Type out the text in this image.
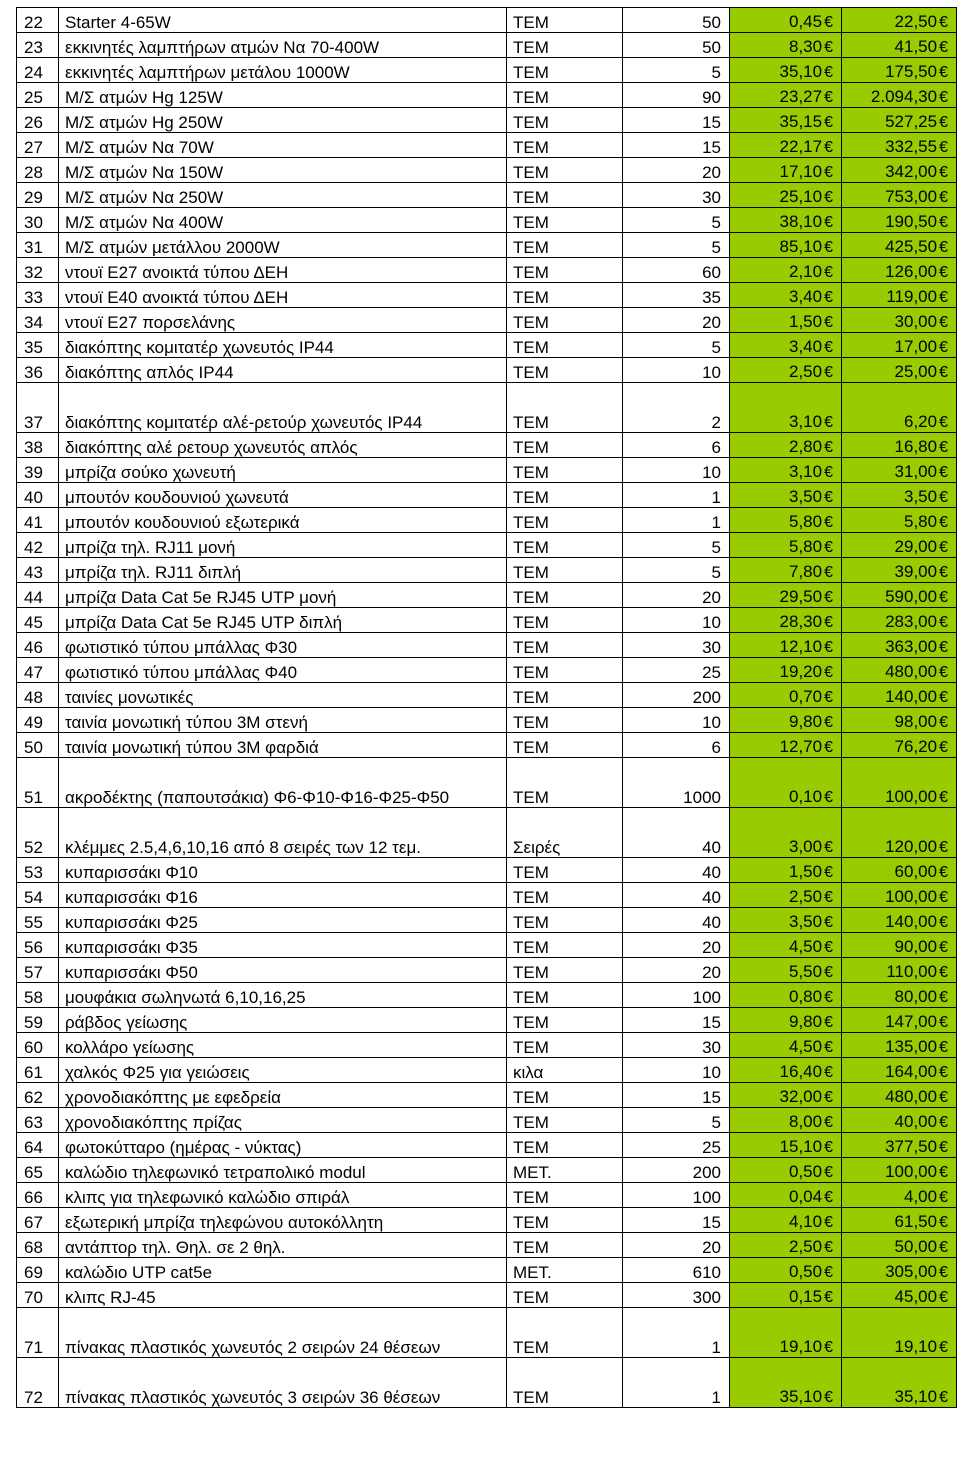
22	Starter 4-65W	ΤΕΜ	50	0,45 €	22,50 €
23	εκκινητές λαμπτήρων ατμών Να 70-400W	ΤΕΜ	50	8,30 €	41,50 €
24	εκκινητές λαμπτήρων μετάλου 1000W	ΤΕΜ	5	35,10 €	175,50 €
25	Μ/Σ ατμών Hg 125W	ΤΕΜ	90	23,27 €	2.094,30 €
26	Μ/Σ ατμών Hg 250W	ΤΕΜ	15	35,15 €	527,25 €
27	Μ/Σ ατμών Να 70W	ΤΕΜ	15	22,17 €	332,55 €
28	Μ/Σ ατμών Να 150W	ΤΕΜ	20	17,10 €	342,00 €
29	Μ/Σ ατμών Να 250W	ΤΕΜ	30	25,10 €	753,00 €
30	Μ/Σ ατμών Να 400W	ΤΕΜ	5	38,10 €	190,50 €
31	Μ/Σ ατμών μετάλλου 2000W	ΤΕΜ	5	85,10 €	425,50 €
32	ντουϊ Ε27 ανοικτά τύπου ΔΕΗ	ΤΕΜ	60	2,10 €	126,00 €
33	ντουϊ Ε40 ανοικτά τύπου ΔΕΗ	ΤΕΜ	35	3,40 €	119,00 €
34	ντουϊ Ε27 πορσελάνης	ΤΕΜ	20	1,50 €	30,00 €
35	διακόπτης κομιτατέρ χωνευτός IP44	ΤΕΜ	5	3,40 €	17,00 €
36	διακόπτης απλός IP44	ΤΕΜ	10	2,50 €	25,00 €
37	διακόπτης κομιτατέρ αλέ-ρετούρ χωνευτός IP44	ΤΕΜ	2	3,10 €	6,20 €
38	διακόπτης αλέ ρετουρ χωνευτός απλός	ΤΕΜ	6	2,80 €	16,80 €
39	μπρίζα σούκο χωνευτή	ΤΕΜ	10	3,10 €	31,00 €
40	μπουτόν κουδουνιού χωνευτά	ΤΕΜ	1	3,50 €	3,50 €
41	μπουτόν κουδουνιού εξωτερικά	ΤΕΜ	1	5,80 €	5,80 €
42	μπρίζα τηλ. RJ11 μονή	ΤΕΜ	5	5,80 €	29,00 €
43	μπρίζα τηλ. RJ11 διπλή	ΤΕΜ	5	7,80 €	39,00 €
44	μπρίζα Data Cat 5e RJ45 UTP μονή	ΤΕΜ	20	29,50 €	590,00 €
45	μπρίζα Data Cat 5e RJ45 UTP διπλή	ΤΕΜ	10	28,30 €	283,00 €
46	φωτιστικό τύπου μπάλλας Φ30	ΤΕΜ	30	12,10 €	363,00 €
47	φωτιστικό τύπου μπάλλας Φ40	ΤΕΜ	25	19,20 €	480,00 €
48	ταινίες μονωτικές	ΤΕΜ	200	0,70 €	140,00 €
49	ταινία μονωτική τύπου 3Μ στενή	ΤΕΜ	10	9,80 €	98,00 €
50	ταινία μονωτική τύπου 3Μ φαρδιά	ΤΕΜ	6	12,70 €	76,20 €
51	ακροδέκτης (παπουτσάκια) Φ6-Φ10-Φ16-Φ25-Φ50	ΤΕΜ	1000	0,10 €	100,00 €
52	κλέμμες 2.5,4,6,10,16 από 8 σειρές των 12 τεμ.	Σειρές	40	3,00 €	120,00 €
53	κυπαρισσάκι Φ10	ΤΕΜ	40	1,50 €	60,00 €
54	κυπαρισσάκι Φ16	ΤΕΜ	40	2,50 €	100,00 €
55	κυπαρισσάκι Φ25	ΤΕΜ	40	3,50 €	140,00 €
56	κυπαρισσάκι Φ35	ΤΕΜ	20	4,50 €	90,00 €
57	κυπαρισσάκι Φ50	ΤΕΜ	20	5,50 €	110,00 €
58	μουφάκια σωληνωτά 6,10,16,25	ΤΕΜ	100	0,80 €	80,00 €
59	ράβδος γείωσης	ΤΕΜ	15	9,80 €	147,00 €
60	κολλάρο γείωσης	ΤΕΜ	30	4,50 €	135,00 €
61	χαλκός Φ25 για γειώσεις	κιλα	10	16,40 €	164,00 €
62	χρονοδιακόπτης με εφεδρεία	ΤΕΜ	15	32,00 €	480,00 €
63	χρονοδιακόπτης πρίζας	ΤΕΜ	5	8,00 €	40,00 €
64	φωτοκύτταρο (ημέρας - νύκτας)	ΤΕΜ	25	15,10 €	377,50 €
65	καλώδιο τηλεφωνικό τετραπολικό modul	ΜΕΤ.	200	0,50 €	100,00 €
66	κλιπς για τηλεφωνικό καλώδιο σπιράλ	ΤΕΜ	100	0,04 €	4,00 €
67	εξωτερική μπρίζα τηλεφώνου αυτοκόλλητη	ΤΕΜ	15	4,10 €	61,50 €
68	αντάπτορ τηλ. Θηλ. σε 2 θηλ.	ΤΕΜ	20	2,50 €	50,00 €
69	καλώδιο UTP cat5e	ΜΕΤ.	610	0,50 €	305,00 €
70	κλιπς RJ-45	ΤΕΜ	300	0,15 €	45,00 €
71	πίνακας πλαστικός χωνευτός 2 σειρών 24 θέσεων	ΤΕΜ	1	19,10 €	19,10 €
72	πίνακας πλαστικός χωνευτός 3 σειρών 36 θέσεων	ΤΕΜ	1	35,10 €	35,10 €
